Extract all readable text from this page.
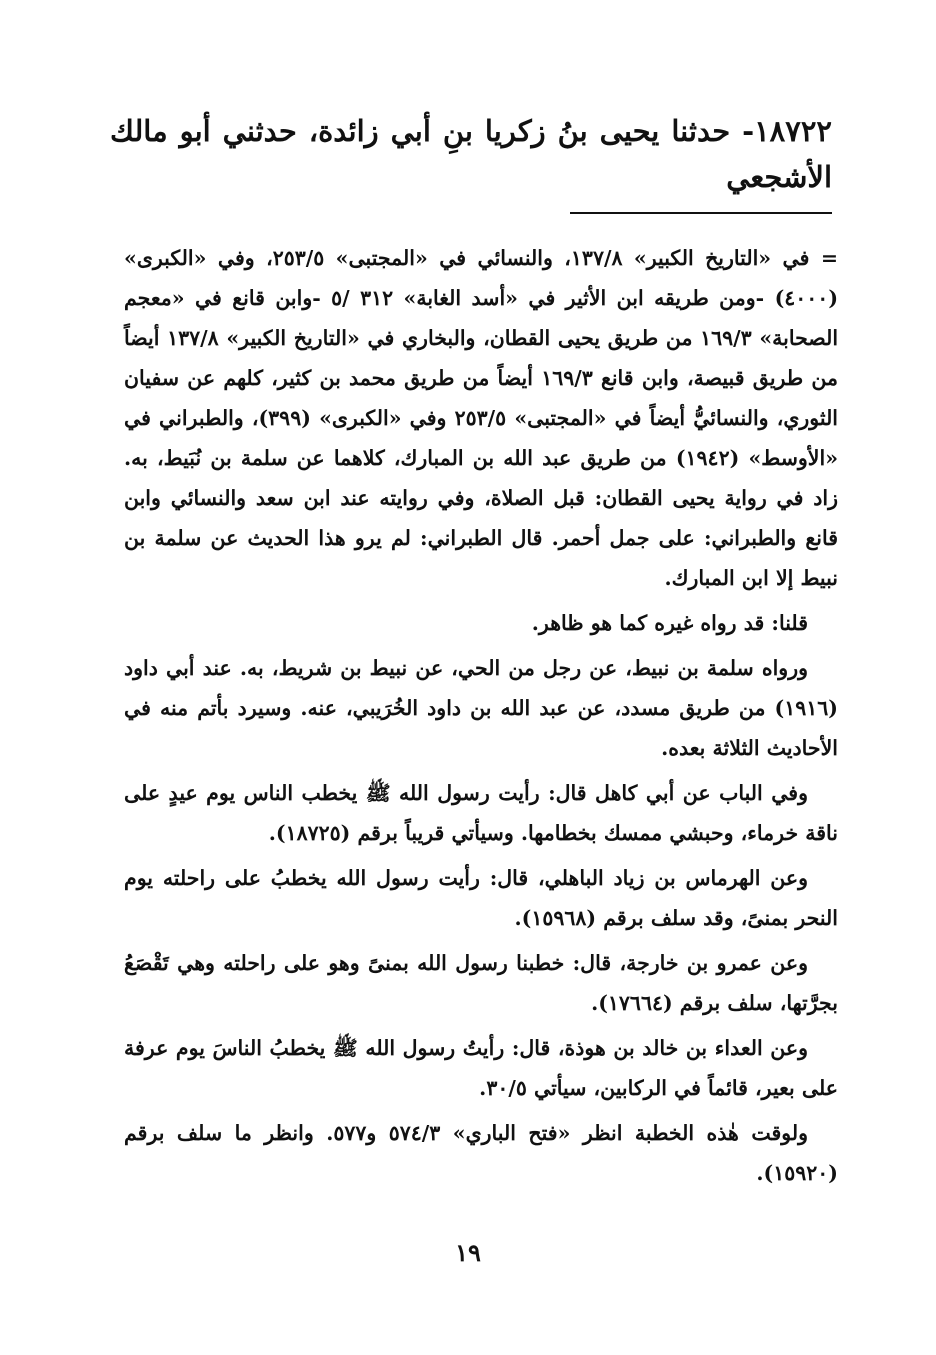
١٨٧٢٢- حدثنا يحيى بنُ زكريا بنِ أبي زائدة، حدثني أبو مالك الأشجعي

= في «التاريخ الكبير» ١٣٧/٨، والنسائي في «المجتبى» ٢٥٣/٥، وفي «الكبرى» (٤٠٠٠) -ومن طريقه ابن الأثير في «أسد الغابة» ٣١٢ /٥ -وابن قانع في «معجم الصحابة» ١٦٩/٣ من طريق يحيى القطان، والبخاري في «التاريخ الكبير» ١٣٧/٨ أيضاً من طريق قبيصة، وابن قانع ١٦٩/٣ أيضاً من طريق محمد بن كثير، كلهم عن سفيان الثوري، والنسائيُّ أيضاً في «المجتبى» ٢٥٣/٥ وفي «الكبرى» (٣٩٩)، والطبراني في «الأوسط» (١٩٤٢) من طريق عبد الله بن المبارك، كلاهما عن سلمة بن نُبَيط، به. زاد في رواية يحيى القطان: قبل الصلاة، وفي روايته عند ابن سعد والنسائي وابن قانع والطبراني: على جمل أحمر. قال الطبراني: لم يرو هذا الحديث عن سلمة بن نبيط إلا ابن المبارك.

قلنا: قد رواه غيره كما هو ظاهر.

ورواه سلمة بن نبيط، عن رجل من الحي، عن نبيط بن شريط، به. عند أبي داود (١٩١٦) من طريق مسدد، عن عبد الله بن داود الخُرَيبي، عنه. وسيرد بأتم منه في الأحاديث الثلاثة بعده.

وفي الباب عن أبي كاهل قال: رأيت رسول الله ﷺ يخطب الناس يوم عيدٍ على ناقة خرماء، وحبشي ممسك بخطامها. وسيأتي قريباً برقم (١٨٧٢٥).

وعن الهرماس بن زياد الباهلي، قال: رأيت رسول الله يخطبُ على راحلته يوم النحر بمنىً، وقد سلف برقم (١٥٩٦٨).

وعن عمرو بن خارجة، قال: خطبنا رسول الله بمنىً وهو على راحلته وهي تَقْصَعُ بجرَّتها، سلف برقم (١٧٦٦٤).

وعن العداء بن خالد بن هوذة، قال: رأيتُ رسول الله ﷺ يخطبُ الناسَ يوم عرفة على بعير، قائماً في الركابين، سيأتي ٣٠/٥.

ولوقت هٰذه الخطبة انظر «فتح الباري» ٥٧٤/٣ و٥٧٧. وانظر ما سلف برقم (١٥٩٢٠).

١٩
